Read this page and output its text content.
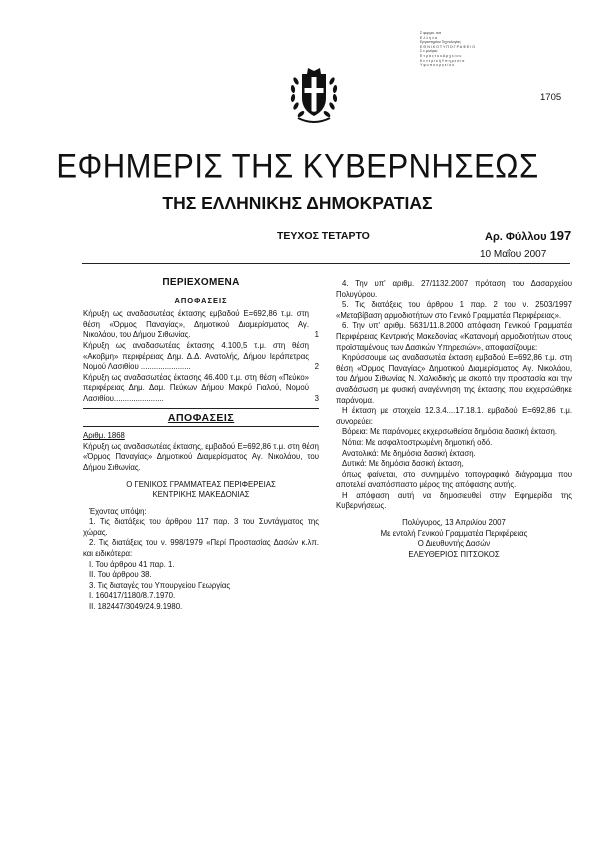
Σ φορμα. ανε
Ε λ λ η ν α
Εργαστηρίου Τεχνολογίας
Ε Θ Ν Ι Κ Ο Τ Υ Π Ο Γ Ρ Α Φ Ε Ι Ο
Σ ε μινάριο
Ε τ ρ ά ς τ ο υ Α ρ χ ε ί ο υ
Κ ε ν τ ρ ι κ ή Υ π η ρ ε σ ί α
Υ φ υ π ο υ ρ γ ε ί ο υ
1705
ΕΦΗΜΕΡΙΣ ΤΗΣ ΚΥΒΕΡΝΗΣΕΩΣ
ΤΗΣ ΕΛΛΗΝΙΚΗΣ ΔΗΜΟΚΡΑΤΙΑΣ
ΤΕΥΧΟΣ ΤΕΤΑΡΤΟ	Αρ. Φύλλου 197
10 Μαΐου 2007
ΠΕΡΙΕΧΟΜΕΝΑ
ΑΠΟΦΑΣΕΙΣ
Κήρυξη ως αναδασωτέας έκτασης εμβαδού Ε=692,86 τ.μ. στη θέση «Όρμος Παναγίας», Δημοτικού Διαμερίσματος Αγ. Νικολάου, του Δήμου Σιθωνίας.	1
Κήρυξη ως αναδασωτέας έκτασης 4.100,5 τ.μ. στη θέση «Ακοβμη» περιφέρειας Δημ. Δ.Δ. Ανατολής, Δήμου Ιεράπετρας Νομού Λασιθίου .......................	2
Κήρυξη ως αναδασωτέας έκτασης 46.400 τ.μ. στη θέση «Πεύκο» περιφέρειας Δημ. Δαμ. Πεύκων Δήμου Μακρύ Γιαλού, Νομού Λασιθίου.......................	3
ΑΠΟΦΑΣΕΙΣ
Αριθμ. 1868

Κήρυξη ως αναδασωτέας έκτασης, εμβαδού Ε=692,86 τ.μ. στη θέση «Όρμος Παναγίας» Δημοτικού Διαμερίσματος Αγ. Νικολάου, του Δήμου Σιθωνίας.

Ο ΓΕΝΙΚΟΣ ΓΡΑΜΜΑΤΕΑΣ ΠΕΡΙΦΕΡΕΙΑΣ
ΚΕΝΤΡΙΚΗΣ ΜΑΚΕΔΟΝΙΑΣ

Έχοντας υπόψη:

1. Τις διατάξεις του άρθρου 117 παρ. 3 του Συντάγματος της χώρας.

2. Τις διατάξεις του ν. 998/1979 «Περί Προστασίας Δασών κ.λπ. και ειδικότερα:

I. Του άρθρου 41 παρ. 1.

II. Του άρθρου 38.

3. Τις διαταγές του Υπουργείου Γεωργίας

I. 160417/1180/8.7.1970.

II. 182447/3049/24.9.1980.

4. Την υπ' αριθμ. 27/1132.2007 πρόταση του Δασαρχείου Πολυγύρου.

5. Τις διατάξεις του άρθρου 1 παρ. 2 του ν. 2503/1997 «Μεταβίβαση αρμοδιοτήτων στο Γενικό Γραμματέα Περιφέρειας».

6. Την υπ' αριθμ. 5631/11.8.2000 απόφαση Γενικού Γραμματέα Περιφέρειας Κεντρικής Μακεδονίας «Κατανομή αρμοδιοτήτων στους προϊσταμένους των Δασικών Υπηρεσιών», αποφασίζουμε:

Κηρύσσουμε ως αναδασωτέα έκταση εμβαδού Ε=692,86 τ.μ. στη θέση «Όρμος Παναγίας» Δημοτικού Διαμερίσματος Αγ. Νικολάου, του Δήμου Σιθωνίας Ν. Χαλκιδικής με σκοπό την προστασία και την αναδάσωση με φυσική αναγέννηση της έκτασης που εκχερσώθηκε παράνομα.

Η έκταση με στοιχεία 12.3.4....17.18.1. εμβαδού Ε=692,86 τ.μ. συνορεύει:

Βόρεια: Με παράνομες εκχερσωθείσα δημόσια δασική έκταση.

Νότια: Με ασφαλτοστρωμένη δημοτική οδό.

Ανατολικά: Με δημόσια δασική έκταση.

Δυτικά: Με δημόσια δασική έκταση,

όπως φαίνεται, στο συνημμένο τοπογραφικό διάγραμμα που αποτελεί αναπόσπαστο μέρος της απόφασης αυτής.

Η απόφαση αυτή να δημοσιευθεί στην Εφημερίδα της Κυβερνήσεως.

Πολύγυρος, 13 Απριλίου 2007
Με εντολή Γενικού Γραμματέα Περιφέρειας
Ο Διευθυντής Δασών
ΕΛΕΥΘΕΡΙΟΣ ΠΙΤΣΟΚΟΣ
